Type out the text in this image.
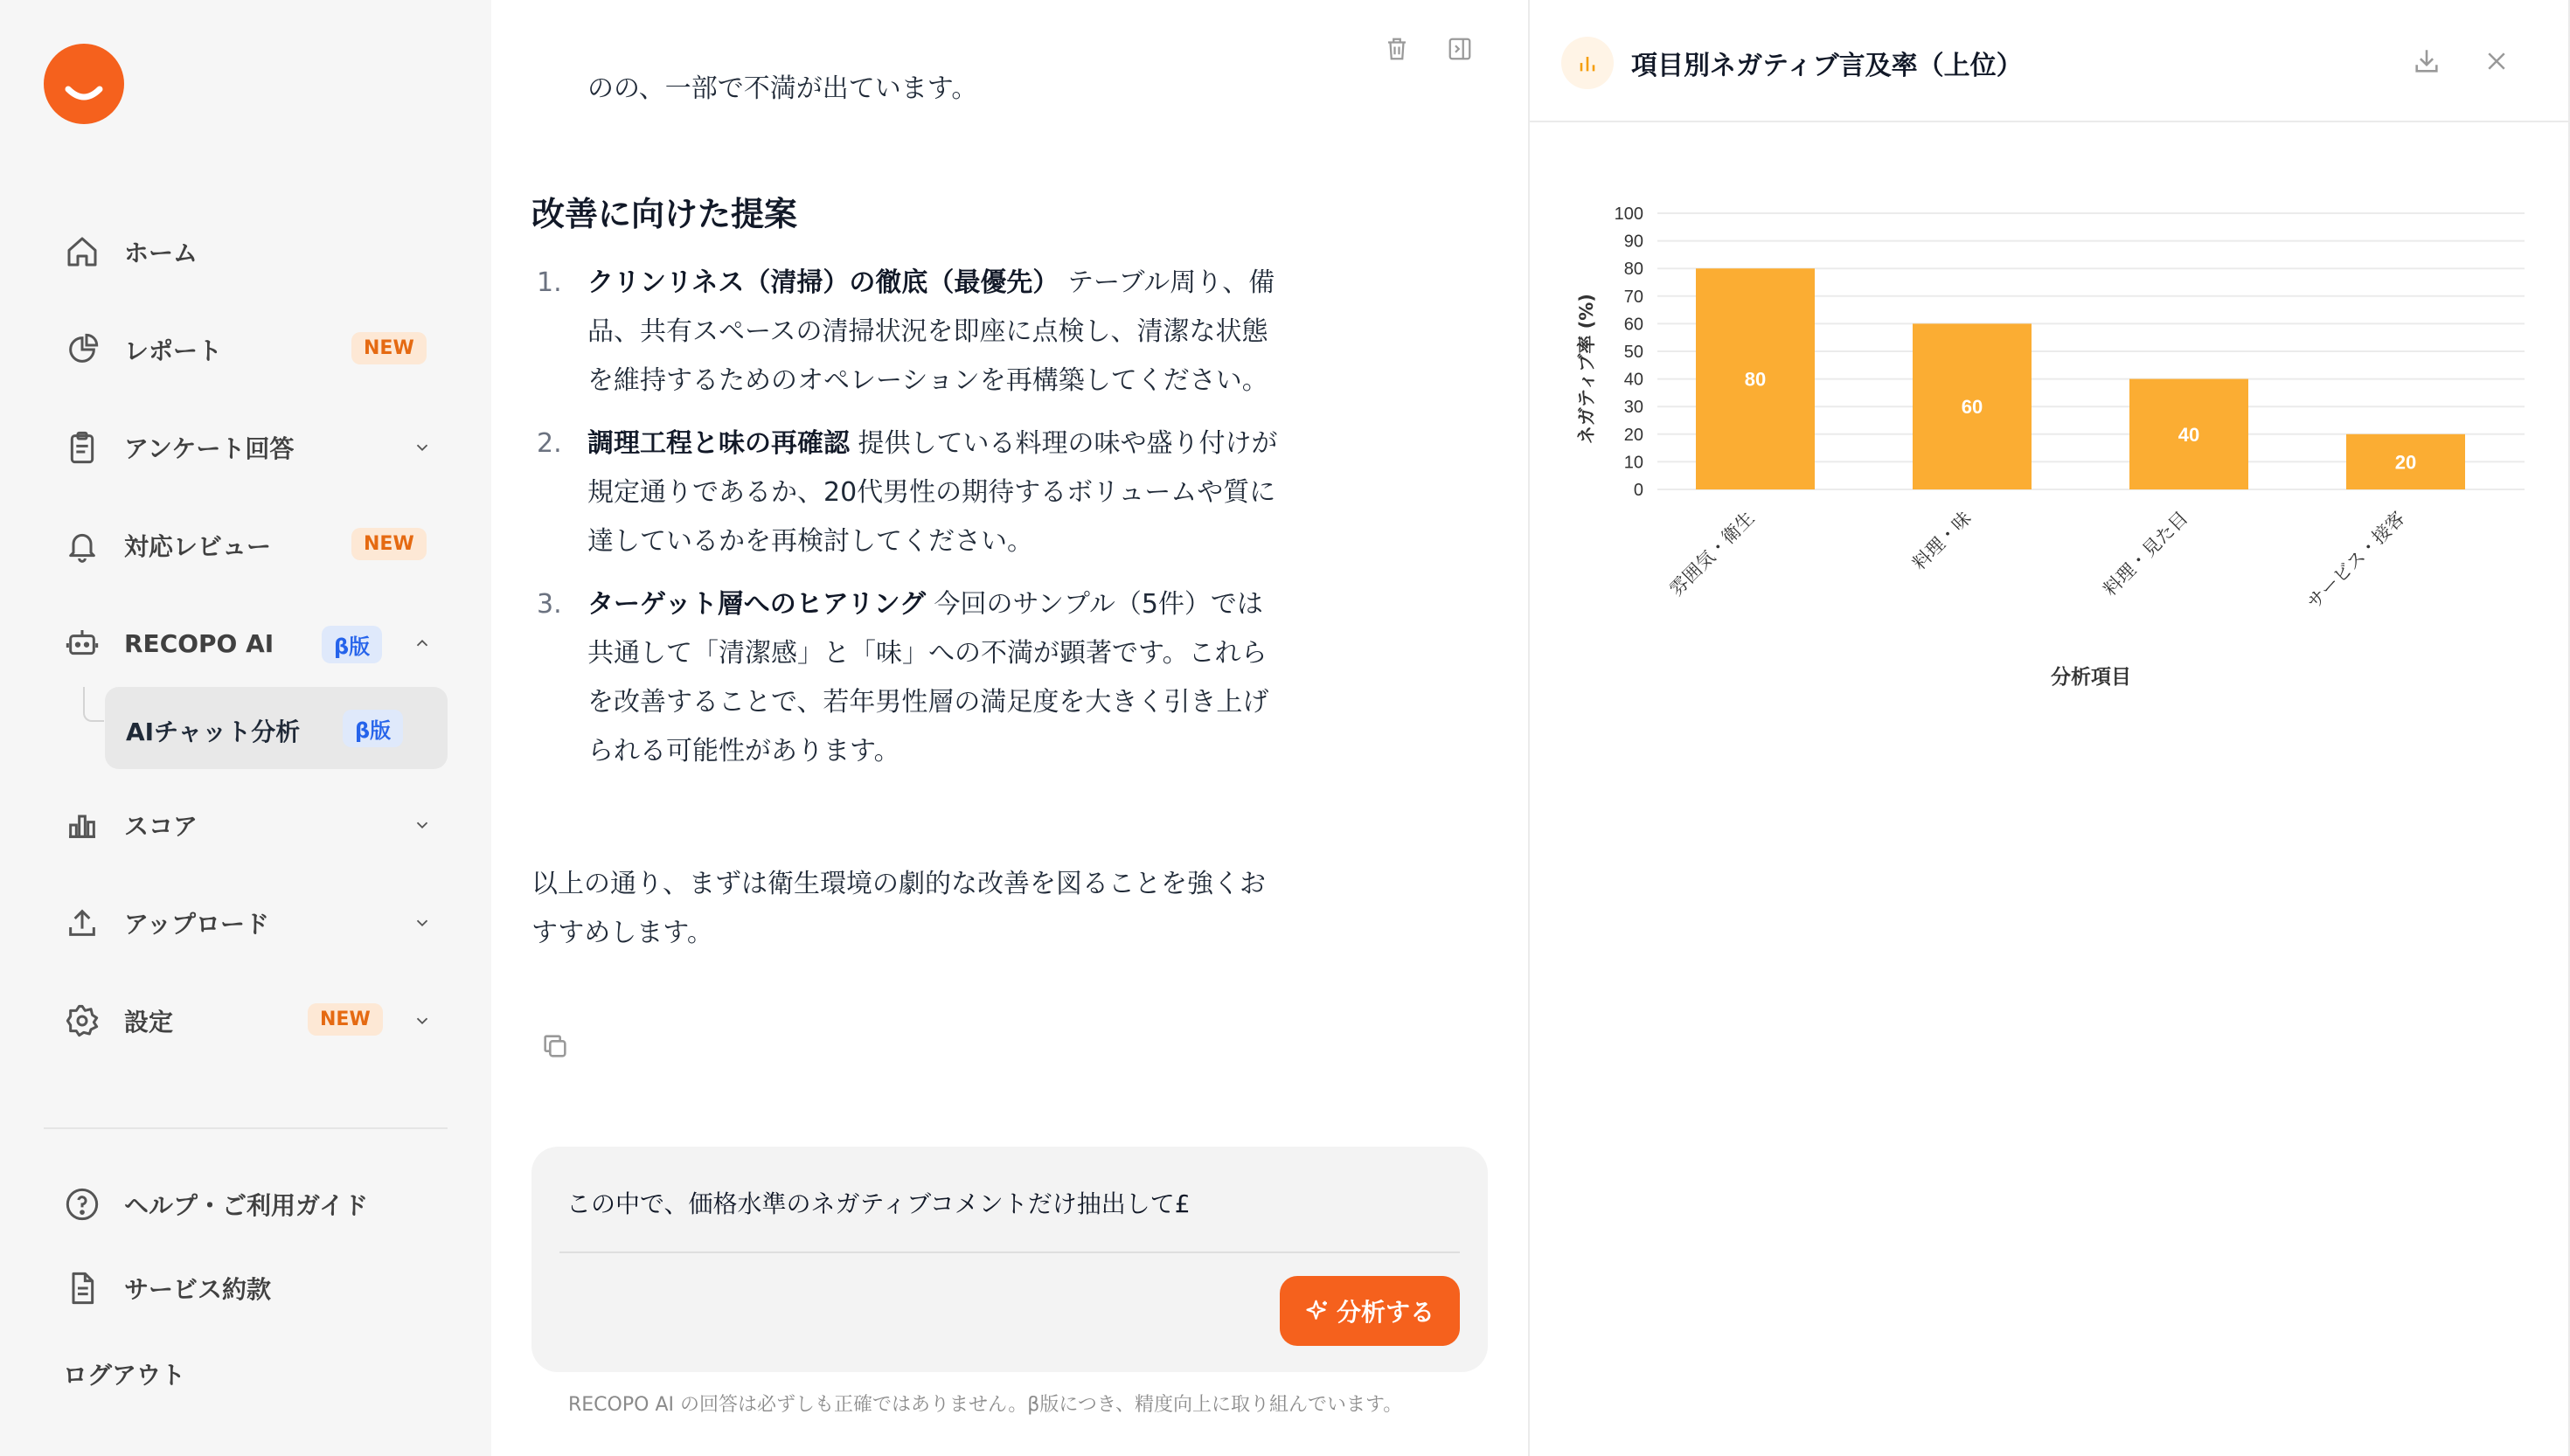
ホーム
レポート	NEW
アンケート回答
対応レビュー	NEW
RECOPO AI	β版
AIチャット分析	β版
スコア
アップロード
設定	NEW
ヘルプ・ご利用ガイド
サービス約款
ログアウト
のの、一部で不満が出ています。
改善に向けた提案
1. クリンリネス（清掃）の徹底（最優先） テーブル周り、備品、共有スペースの清掃状況を即座に点検し、清潔な状態を維持するためのオペレーションを再構築してください。
2. 調理工程と味の再確認 提供している料理の味や盛り付けが規定通りであるか、20代男性の期待するボリュームや質に達しているかを再検討してください。
3. ターゲット層へのヒアリング 今回のサンプル（5件）では共通して「清潔感」と「味」への不満が顕著です。これらを改善することで、若年男性層の満足度を大きく引き上げられる可能性があります。
以上の通り、まずは衛生環境の劇的な改善を図ることを強くおすすめします。
この中で、価格水準のネガティブコメントだけ抽出して£
分析する
RECOPO AI の回答は必ずしも正確ではありません。β版につき、精度向上に取り組んでいます。
項目別ネガティブ言及率（上位）
0
10
20
30
40
50
60
70
80
90
100
80
雰囲気・衛生
60
料理・味
40
料理・見た目
20
サービス・接客
分析項目
ネガティブ率 (%)
